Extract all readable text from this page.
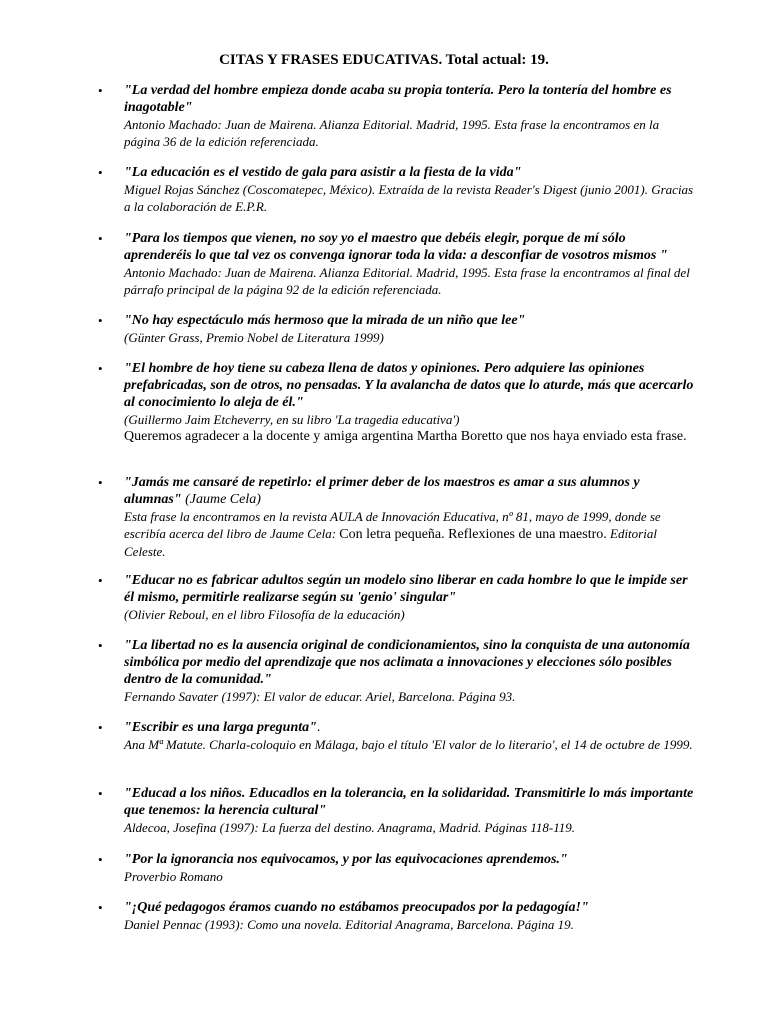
CITAS Y FRASES EDUCATIVAS. Total actual: 19.
•	"La verdad del hombre empieza donde acaba su propia tontería. Pero la tontería del hombre es inagotable"
Antonio Machado: Juan de Mairena. Alianza Editorial. Madrid, 1995. Esta frase la encontramos en la página 36 de la edición referenciada.
•	"La educación es el vestido de gala para asistir a la fiesta de la vida"
Miguel Rojas Sánchez (Coscomatepec, México). Extraída de la revista Reader's Digest (junio 2001). Gracias a la colaboración de E.P.R.
•	"Para los tiempos que vienen, no soy yo el maestro que debéis elegir, porque de mí sólo aprenderéis lo que tal vez os convenga ignorar toda la vida: a desconfiar de vosotros mismos "
Antonio Machado: Juan de Mairena. Alianza Editorial. Madrid, 1995. Esta frase la encontramos al final del párrafo principal de la página 92 de la edición referenciada.
•	"No hay espectáculo más hermoso que la mirada de un niño que lee"
(Günter Grass, Premio Nobel de Literatura 1999)
•	"El hombre de hoy tiene su cabeza llena de datos y opiniones. Pero adquiere las opiniones prefabricadas, son de otros, no pensadas. Y la avalancha de datos que lo aturde, más que acercarlo al conocimiento lo aleja de él."
(Guillermo Jaim Etcheverry, en su libro 'La tragedia educativa')
Queremos agradecer a la docente y amiga argentina Martha Boretto que nos haya enviado esta frase.
•	"Jamás me cansaré de repetirlo: el primer deber de los maestros es amar a sus alumnos y alumnas" (Jaume Cela)
Esta frase la encontramos en la revista AULA de Innovación Educativa, nº 81, mayo de 1999, donde se escribía acerca del libro de Jaume Cela: Con letra pequeña. Reflexiones de una maestro. Editorial Celeste.
•	"Educar no es fabricar adultos según un modelo sino liberar en cada hombre lo que le impide ser él mismo, permitirle realizarse según su 'genio' singular"
(Olivier Reboul, en el libro Filosofía de la educación)
•	"La libertad no es la ausencia original de condicionamientos, sino la conquista de una autonomía simbólica por medio del aprendizaje que nos aclimata a innovaciones y elecciones sólo posibles dentro de la comunidad."
Fernando Savater (1997): El valor de educar. Ariel, Barcelona. Página 93.
•	"Escribir es una larga pregunta".
Ana Mª Matute. Charla-coloquio en Málaga, bajo el título 'El valor de lo literario', el 14 de octubre de 1999.
•	"Educad a los niños. Educadlos en la tolerancia, en la solidaridad. Transmitirle lo más importante que tenemos: la herencia cultural"
Aldecoa, Josefina (1997): La fuerza del destino. Anagrama, Madrid. Páginas 118-119.
•	"Por la ignorancia nos equivocamos, y por las equivocaciones aprendemos."
Proverbio Romano
•	"¡Qué pedagogos éramos cuando no estábamos preocupados por la pedagogía!"
Daniel Pennac (1993): Como una novela. Editorial Anagrama, Barcelona. Página 19.
